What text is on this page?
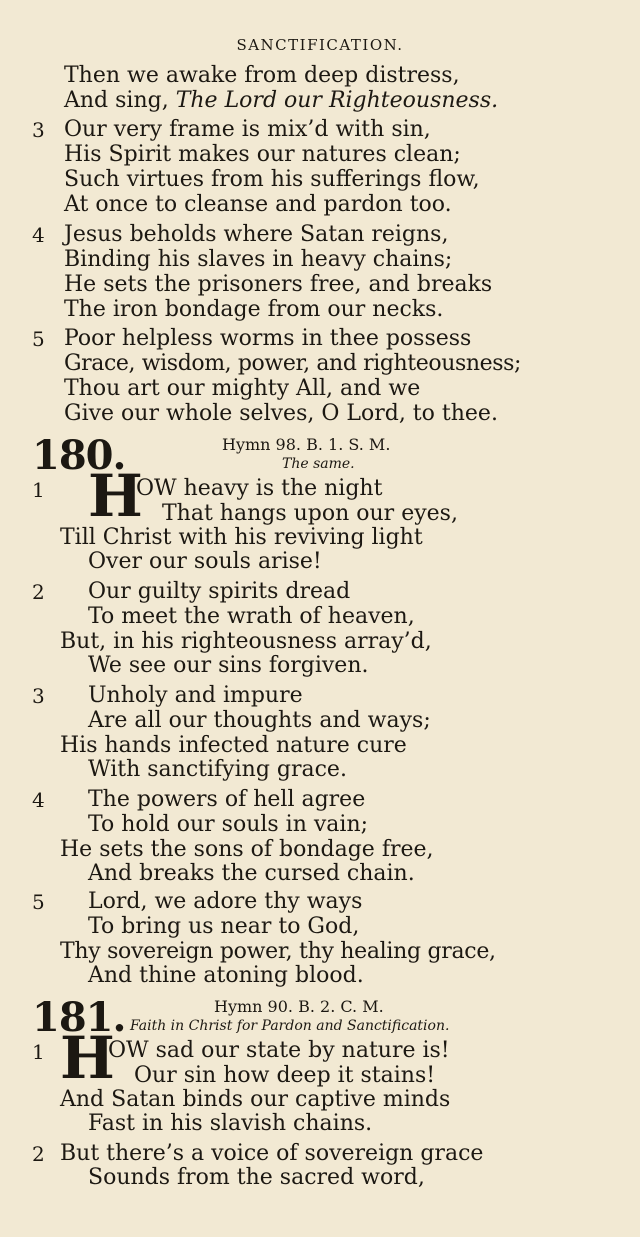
SANCTIFICATION.
Then we awake from deep distress,
And sing, The Lord our Righteousness.
3 Our very frame is mix’d with sin,
His Spirit makes our natures clean;
Such virtues from his sufferings flow,
At once to cleanse and pardon too.
4 Jesus beholds where Satan reigns,
Binding his slaves in heavy chains;
He sets the prisoners free, and breaks
The iron bondage from our necks.
5 Poor helpless worms in thee possess
Grace, wisdom, power, and righteousness;
Thou art our mighty All, and we
Give our whole selves, O Lord, to thee.
180.	Hymn 98. B. 1. S. M.
The same.
1 H
OW heavy is the night
That hangs upon our eyes,
Till Christ with his reviving light
Over our souls arise!
2 Our guilty spirits dread
To meet the wrath of heaven,
But, in his righteousness array’d,
We see our sins forgiven.
3 Unholy and impure
Are all our thoughts and ways;
His hands infected nature cure
With sanctifying grace.
4 The powers of hell agree
To hold our souls in vain;
He sets the sons of bondage free,
And breaks the cursed chain.
5 Lord, we adore thy ways
To bring us near to God,
Thy sovereign power, thy healing grace,
And thine atoning blood.
181.	Hymn 90. B. 2. C. M.
Faith in Christ for Pardon and Sanctification.
1 H
OW sad our state by nature is!
Our sin how deep it stains!
And Satan binds our captive minds
Fast in his slavish chains.
2 But there’s a voice of sovereign grace
Sounds from the sacred word,
